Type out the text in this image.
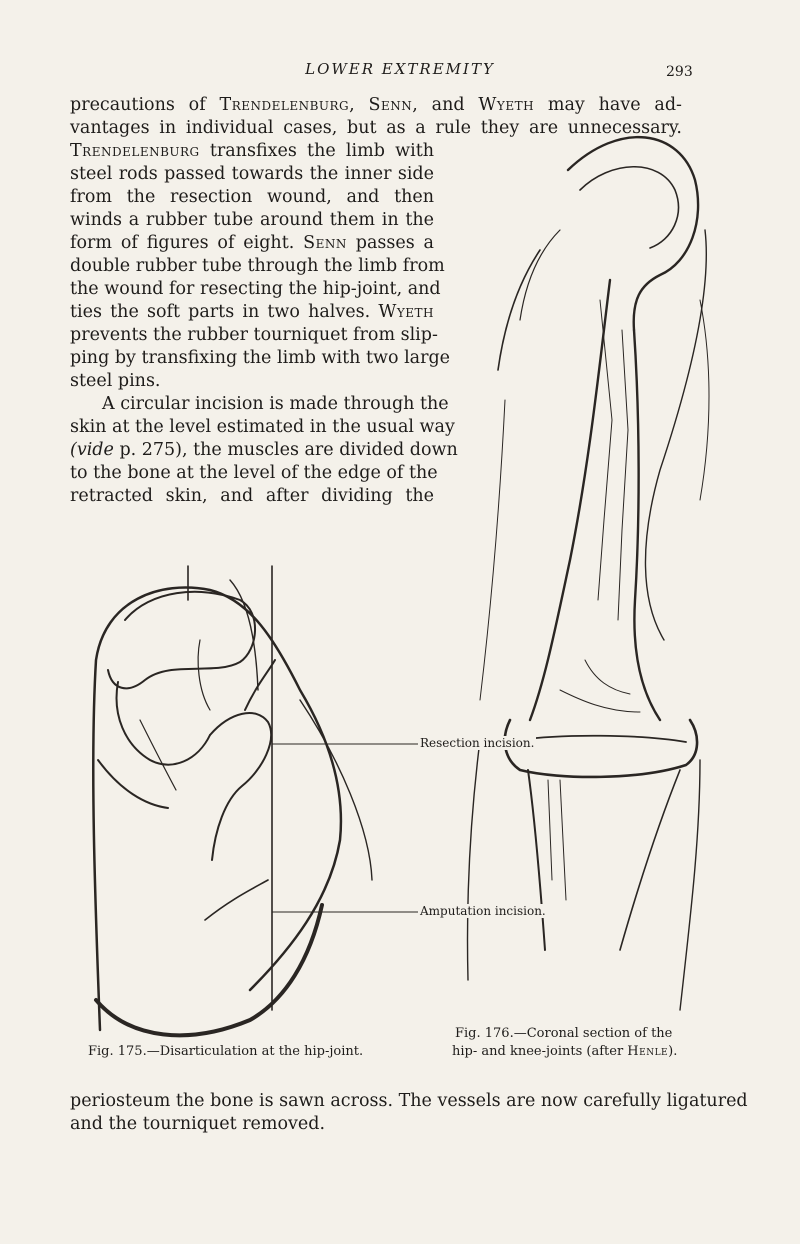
LOWER EXTREMITY	293
precautions of Trendelenburg, Senn, and Wyeth may have ad-
vantages in individual cases, but as a rule they are unnecessary.
Trendelenburg transfixes the limb with
steel rods passed towards the inner side
from the resection wound, and then
winds a rubber tube around them in the
form of figures of eight. Senn passes a
double rubber tube through the limb from
the wound for resecting the hip-joint, and
ties the soft parts in two halves. Wyeth
prevents the rubber tourniquet from slip-
ping by transfixing the limb with two large
steel pins.
A circular incision is made through the
skin at the level estimated in the usual way
(vide p. 275), the muscles are divided down
to the bone at the level of the edge of the
retracted skin, and after dividing the
Resection incision.
Amputation incision.
Fig. 175.—Disarticulation at the hip-joint.
Fig. 176.—Coronal section of the
hip- and knee-joints (after Henle).
periosteum the bone is sawn across. The vessels are now carefully ligatured
and the tourniquet removed.
